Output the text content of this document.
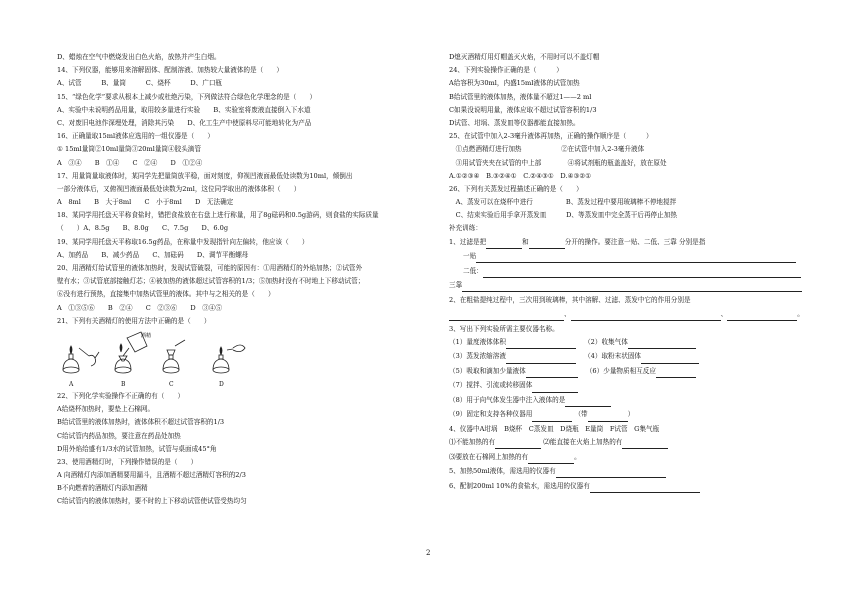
D、蜡烛在空气中燃烧发出白色火焰，放热并产生白烟。
14、下列仪器，能够用来溶解固体、配制溶液、加热较大量液体的是（　　）
A、试管　　　B、量筒　　　C、烧杯　　　D、广口瓶
15、“绿色化学”要求从根本上减少或杜绝污染，下列做法符合绿色化学理念的是（　　）
A、实验中未说明药品用量，取用较多量进行实验　　B、实验室将废液直接倒入下水道
C、对废旧电池作深埋处理，消除其污染　　D、化工生产中使原料尽可能地转化为产品
16、正确量取15ml液体应选用的一组仪器是（　　）
① 15ml量筒②10ml量筒③20ml量筒④胶头滴管
A　③④　　B　①④　　C　②④　　D　①②④
17、用量筒量取液体时，某同学先把量筒放平稳，面对刻度，仰视凹液面最低处读数为10ml，倾倒出
一部分液体后，又俯视凹液面最低处读数为2ml，这位同学取出的液体体积（　　）
A　8ml　　B　大于8ml　　C　小于8ml　　D　无法确定
18、某同学用托盘天平称食盐时，错把食盐放在右盘上进行称量，用了8g砝码和0.5g游码，则食盐的实际质量
（　　）A、8.5g　　B、8.0g　　C、7.5g　　D、6.0g
19、某同学用托盘天平称取16.5g药品，在称量中发现指针向左偏转，他应该（　　）
A、加药品　　B、减少药品　　C、加砝码　　D、调节平衡螺母
20、用酒精灯给试管里的液体加热时，发现试管破裂，可能的原因有：①用酒精灯的外焰加热；②试管外
壁有水；③试管底部接触灯芯；④被加热的液体超过试管容积的1/3；⑤加热时没有不时地上下移动试管；
⑥没有进行预热，直接集中加热试管里的液体。其中与之相关的是（　　）
A　①③⑤⑥　　B　②④　　C　②③⑥　　D　③④⑤
21、下列有关酒精灯的使用方法中正确的是（　　）
酒精
A	B	C	D
22、下列化学实验操作不正确的有（　　）
A给烧杯加热时，要垫上石棉网。
B给试管里的液体加热时，液体体积不超过试管容积的1/3
C给试管内药品加热，要注意在药品处加热
D用外焰给盛有1/3水的试管加热，试管与桌面成45°角
23、使用酒精灯时，下列操作错误的是（　　）
A 向酒精灯内添加酒精要用漏斗，且酒精不超过酒精灯容积的2/3
B不向燃着的酒精灯内添加酒精
C给试管内的液体加热时，要不时的上下移动试管使试管受热均匀
D熄灭酒精灯用灯帽盖灭火焰，不用时可以不盖灯帽
24、下列实验操作正确的是（　　　）
A给容积为30ml，内盛15ml液体的试管加热
B给试管里的液体加热，液体量不超过1——2 ml
C如果没说明用量，液体应取不超过试管容积的1/3
D试管、坩埚、蒸发皿等仪器都能直接加热。
25、在试管中加入2-3毫升液体再加热，正确的操作顺序是（　　　）
　①点燃酒精灯进行加热　　　　　　②在试管中加入2-3毫升液体
　③用试管夹夹在试管的中上部　　　　④将试剂瓶的瓶盖盖好，放在原处
A.①②③④　B.③②④①　C.②④③①　D.④③②①
26、下列有关蒸发过程描述正确的是（　　）
　A、蒸发可以在烧杯中进行　　　　　B、蒸发过程中要用玻璃棒不停地搅拌
　C、结束实验后用手拿开蒸发皿　　　D、等蒸发皿中完全蒸干后再停止加热
补充训练：
1、过滤是把	和	分开的操作。要注意一贴、二低、三靠 分别是指
一贴
二低：
三靠
2、在粗盐提纯过程中，三次用到玻璃棒，其中溶解、过滤、蒸发中它的作用分别是
、	、	。
3、写出下列实验所需主要仪器名称。
（1）量度液体体积	（2）收集气体
（3）蒸发浓缩溶液	（4）取粉末状固体
（5）吸取和滴加少量液体	（6）少量物质相互反应
（7）搅拌、引流或转移固体
（8）用于向气体发生器中注入液体的是
（9）固定和支持各种仪器用	（带	）
4、仪器中A坩埚　B烧杯　C蒸发皿　D烧瓶　E量筒　F试管　G集气瓶
⑴不能加热的有	⑵能直接在火焰上加热的有
⑶要放在石棉网上加热的有	。
5、加热50ml液体，需选用的仪器有
6、配制200ml 10%的食盐水，需选用的仪器有
2
